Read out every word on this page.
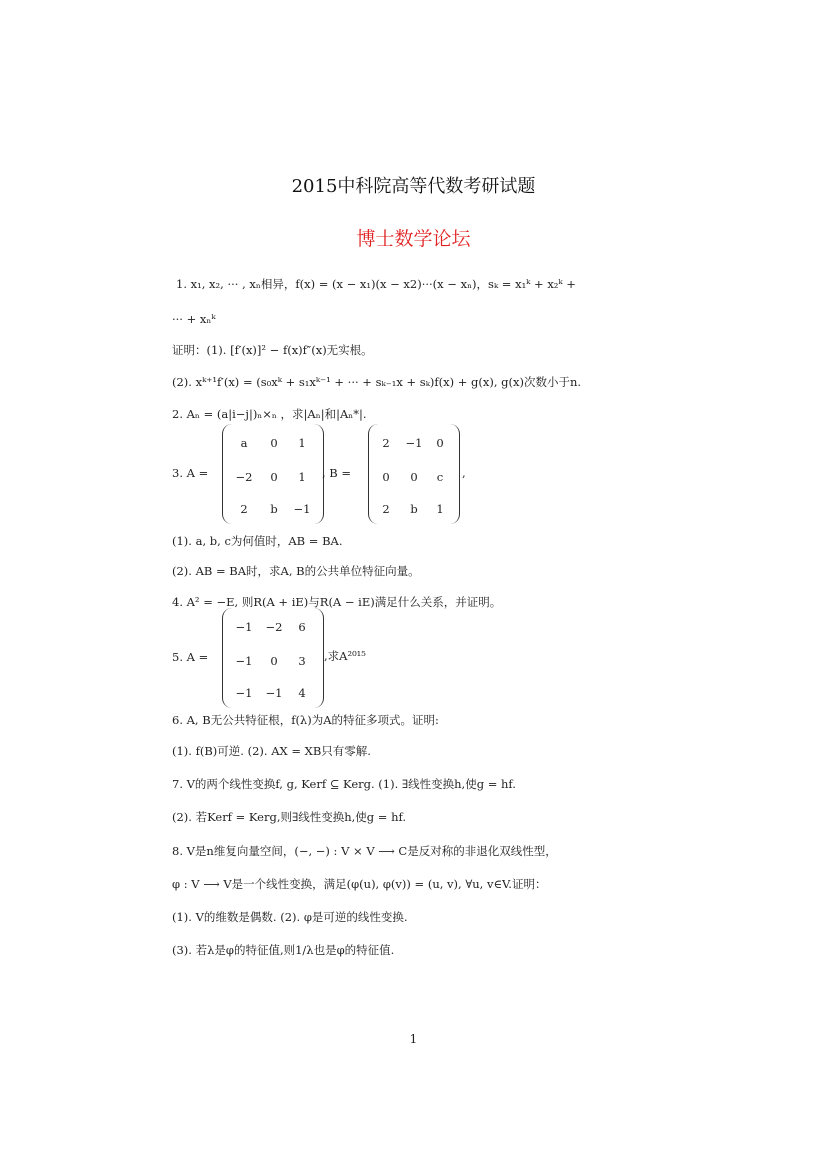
2015中科院高等代数考研试题
博士数学论坛
1. x₁, x₂, ··· , xₙ相异，f(x) = (x − x₁)(x − x2)···(x − xₙ)，sₖ = x₁ᵏ + x₂ᵏ +
··· + xₙᵏ
证明：(1). [f′(x)]² − f(x)f″(x)无实根。
(2). xᵏ⁺¹f′(x) = (s₀xᵏ + s₁xᵏ⁻¹ + ··· + sₖ₋₁x + sₖ)f(x) + g(x), g(x)次数小于n.
2. Aₙ = (a|i−j|)ₙ×ₙ ，求|Aₙ|和|Aₙ*|.
3. A =
a	0	1
−2	0	1
2	b	−1
, B =
2	−1	0
0	0	c
2	b	1
,
(1). a, b, c为何值时，AB = BA.
(2). AB = BA时，求A, B的公共单位特征向量。
4. A² = −E, 则R(A + iE)与R(A − iE)满足什么关系，并证明。
5. A =
−1	−2	6
−1	0	3
−1	−1	4
,求A²⁰¹⁵
6. A, B无公共特征根，f(λ)为A的特征多项式。证明:
(1). f(B)可逆. (2). AX = XB只有零解.
7. V的两个线性变换f, g, Kerf ⊆ Kerg. (1). ∃线性变换h,使g = hf.
(2). 若Kerf = Kerg,则∃线性变换h,使g = hf.
8. V是n维复向量空间，(−, −) : V × V ⟶ C是反对称的非退化双线性型，
φ : V ⟶ V是一个线性变换，满足(φ(u), φ(v)) = (u, v), ∀u, v∈V.证明：
(1). V的维数是偶数. (2). φ是可逆的线性变换.
(3). 若λ是φ的特征值,则1/λ也是φ的特征值.
1
